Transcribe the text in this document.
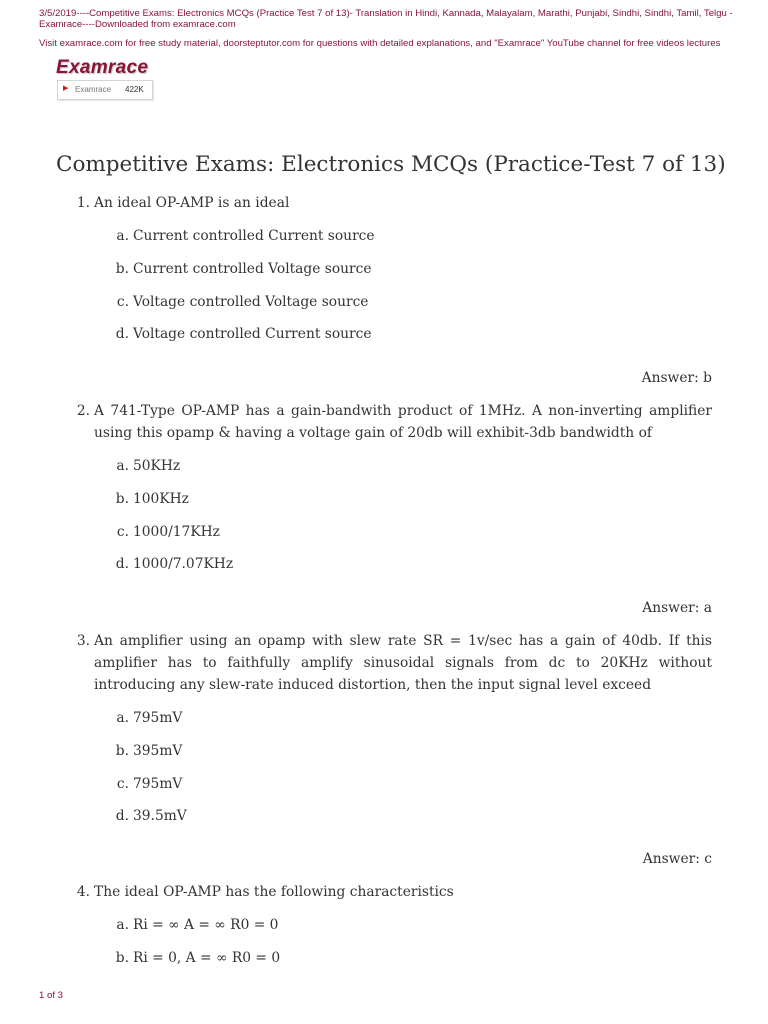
3/5/2019----Competitive Exams: Electronics MCQs (Practice Test 7 of 13)- Translation in Hindi, Kannada, Malayalam, Marathi, Punjabi, Sindhi, Sindhi, Tamil, Telgu - Examrace----Downloaded from examrace.com
Visit examrace.com for free study material, doorsteptutor.com for questions with detailed explanations, and "Examrace" YouTube channel for free videos lectures
Examrace
▶ Examrace 422K
Competitive Exams: Electronics MCQs (Practice-Test 7 of 13)
1. An ideal OP-AMP is an ideal
a. Current controlled Current source
b. Current controlled Voltage source
c. Voltage controlled Voltage source
d. Voltage controlled Current source
Answer: b
2. A 741-Type OP-AMP has a gain-bandwith product of 1MHz. A non-inverting amplifier using this opamp & having a voltage gain of 20db will exhibit-3db bandwidth of
a. 50KHz
b. 100KHz
c. 1000/17KHz
d. 1000/7.07KHz
Answer: a
3. An amplifier using an opamp with slew rate SR = 1v/sec has a gain of 40db. If this amplifier has to faithfully amplify sinusoidal signals from dc to 20KHz without introducing any slew-rate induced distortion, then the input signal level exceed
a. 795mV
b. 395mV
c. 795mV
d. 39.5mV
Answer: c
4. The ideal OP-AMP has the following characteristics
a. Ri = ∞ A = ∞ R0 = 0
b. Ri = 0, A = ∞ R0 = 0
1 of 3
